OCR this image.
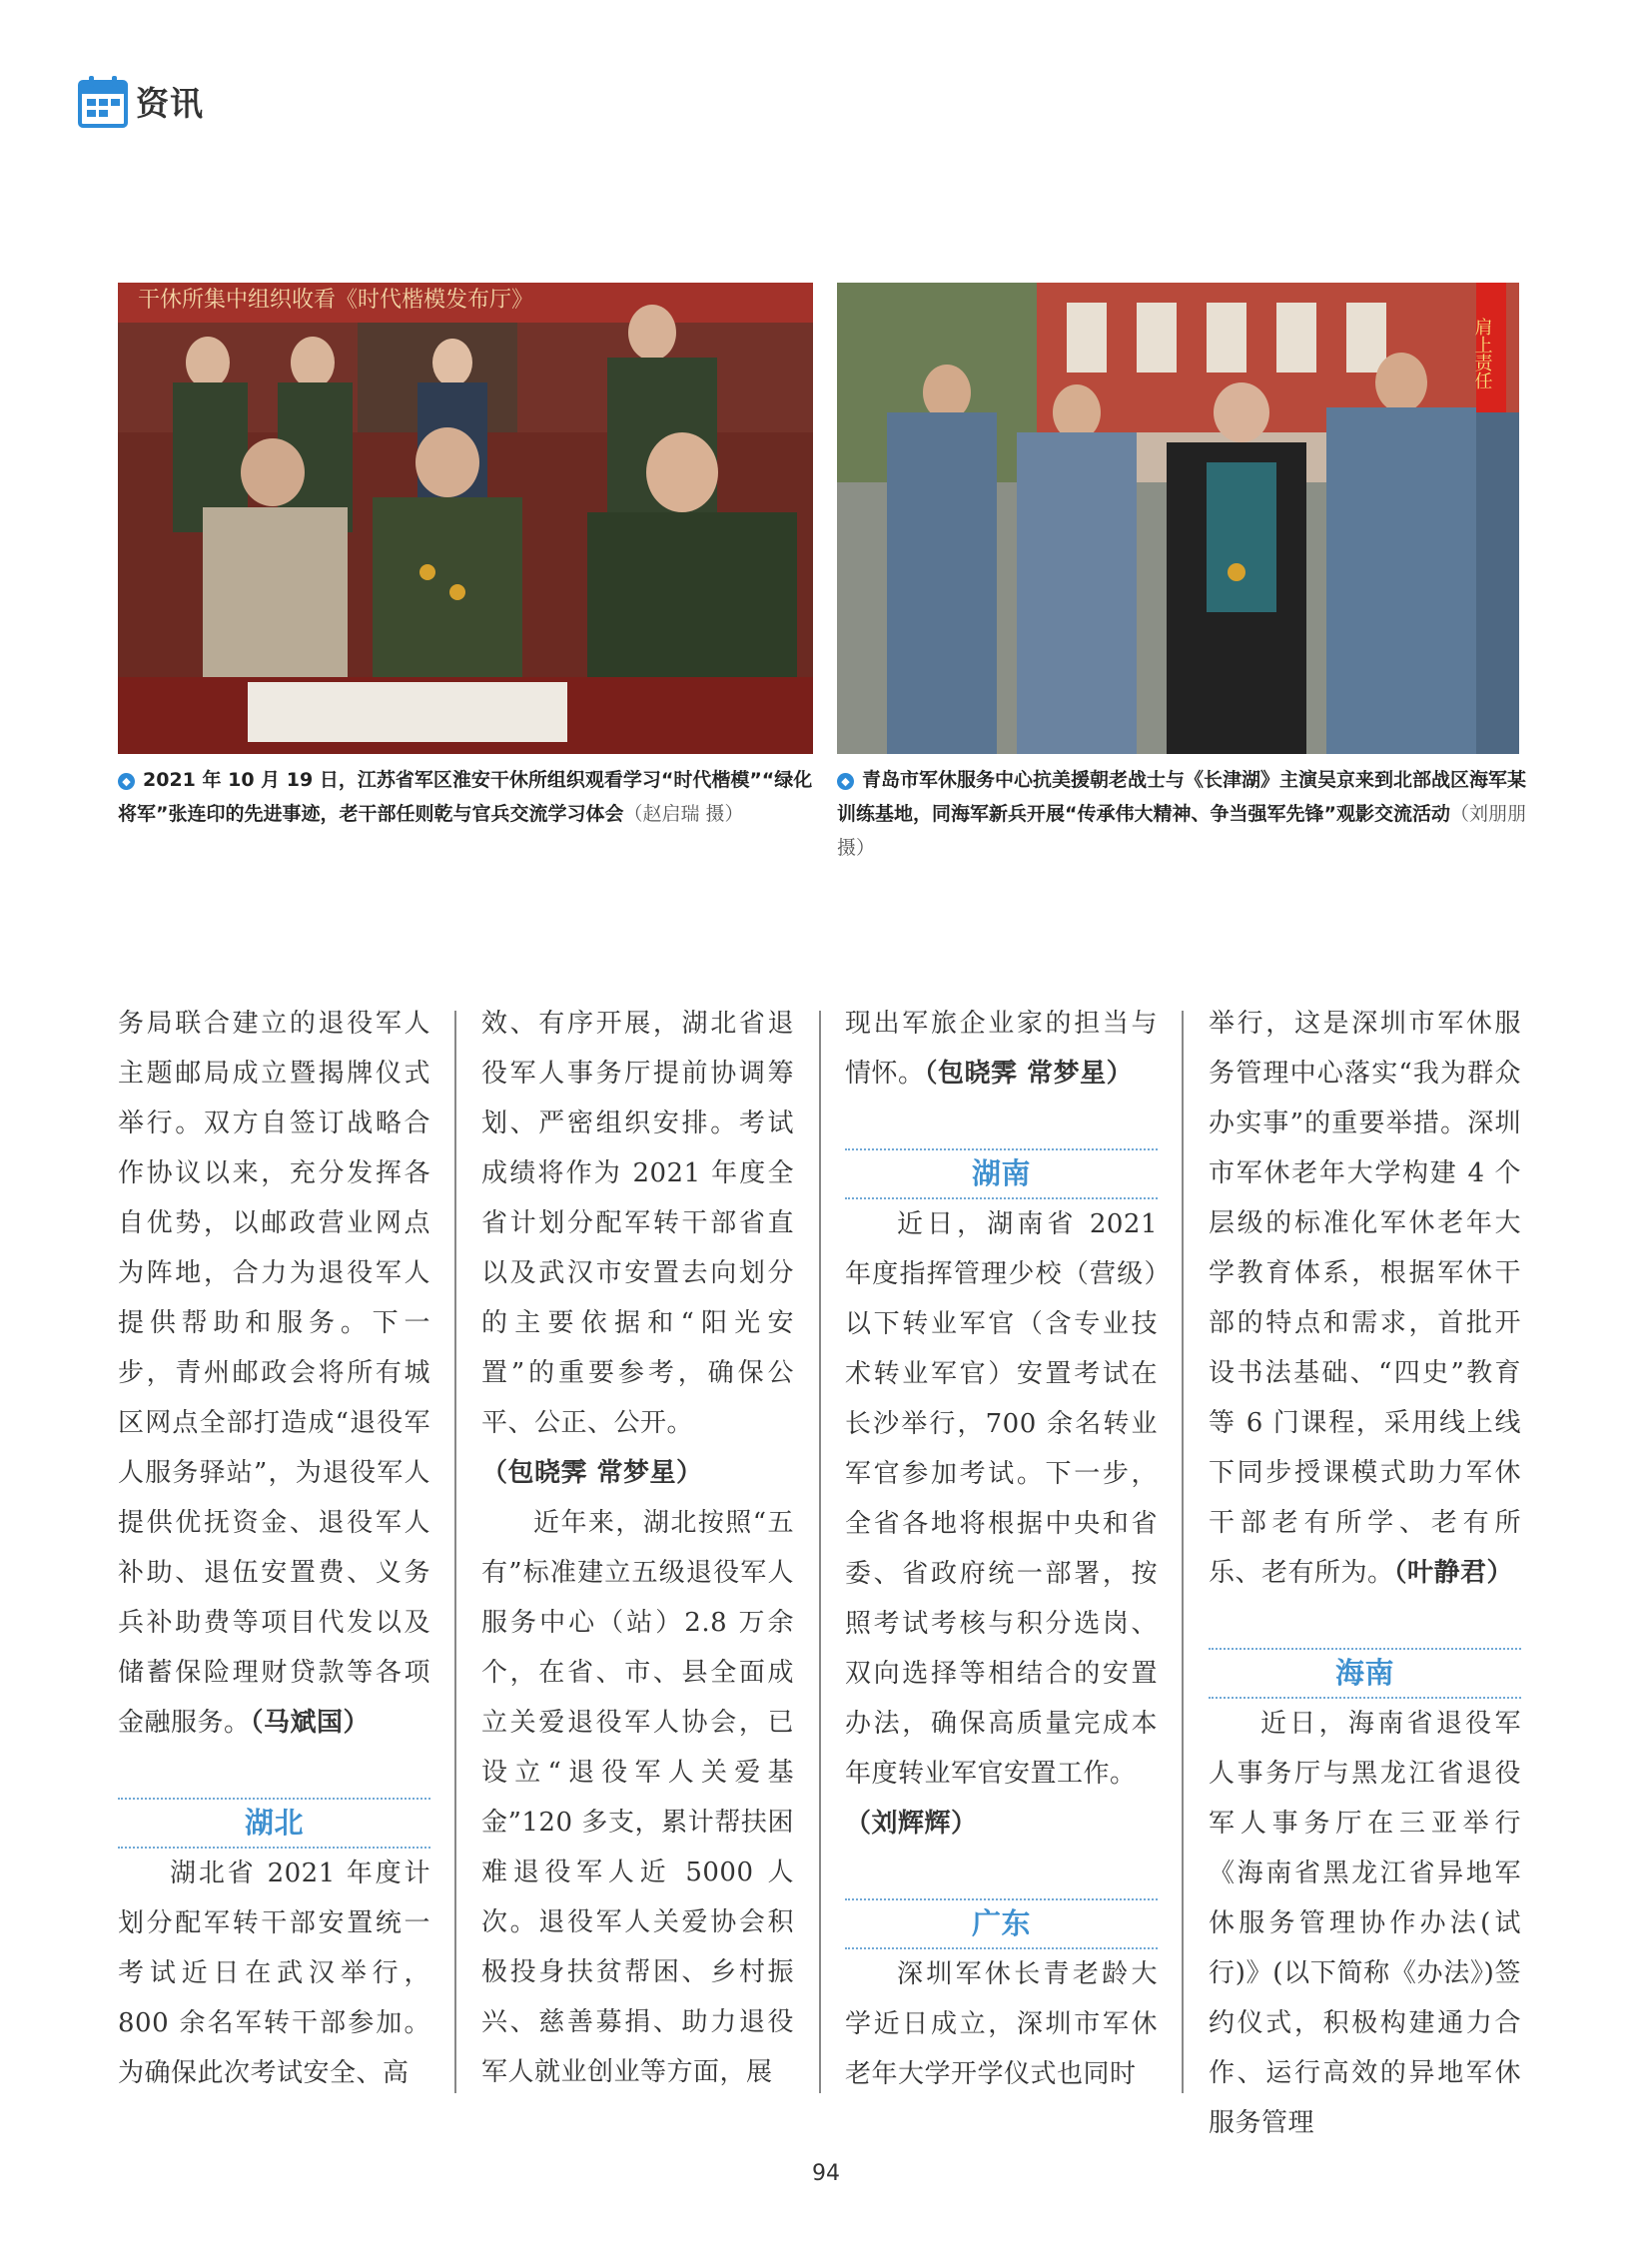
资讯
干休所集中组织收看《时代楷模发布厅》
◆ 2021 年 10 月 19 日，江苏省军区淮安干休所组织观看学习“时代楷模”“绿化将军”张连印的先进事迹，老干部任则乾与官兵交流学习体会（赵启瑞 摄）
肩上责任
◆ 青岛市军休服务中心抗美援朝老战士与《长津湖》主演吴京来到北部战区海军某训练基地，同海军新兵开展“传承伟大精神、争当强军先锋”观影交流活动（刘朋朋 摄）

务局联合建立的退役军人主题邮局成立暨揭牌仪式举行。双方自签订战略合作协议以来，充分发挥各自优势，以邮政营业网点为阵地，合力为退役军人提供帮助和服务。下一步，青州邮政会将所有城区网点全部打造成“退役军人服务驿站”，为退役军人提供优抚资金、退役军人补助、退伍安置费、义务兵补助费等项目代发以及储蓄保险理财贷款等各项金融服务。（马斌国）

湖北

湖北省 2021 年度计划分配军转干部安置统一考试近日在武汉举行，800 余名军转干部参加。为确保此次考试安全、高

效、有序开展，湖北省退役军人事务厅提前协调筹划、严密组织安排。考试成绩将作为 2021 年度全省计划分配军转干部省直以及武汉市安置去向划分的主要依据和“阳光安置”的重要参考，确保公平、公正、公开。

（包晓霁 常梦星）

近年来，湖北按照“五有”标准建立五级退役军人服务中心（站）2.8 万余个，在省、市、县全面成立关爱退役军人协会，已设立“退役军人关爱基金”120 多支，累计帮扶困难退役军人近 5000 人次。退役军人关爱协会积极投身扶贫帮困、乡村振兴、慈善募捐、助力退役军人就业创业等方面，展

现出军旅企业家的担当与情怀。（包晓霁 常梦星）

湖南

近日，湖南省 2021 年度指挥管理少校（营级）以下转业军官（含专业技术转业军官）安置考试在长沙举行，700 余名转业军官参加考试。下一步，全省各地将根据中央和省委、省政府统一部署，按照考试考核与积分选岗、双向选择等相结合的安置办法，确保高质量完成本年度转业军官安置工作。

（刘辉辉）

广东

深圳军休长青老龄大学近日成立，深圳市军休老年大学开学仪式也同时

举行，这是深圳市军休服务管理中心落实“我为群众办实事”的重要举措。深圳市军休老年大学构建 4 个层级的标准化军休老年大学教育体系，根据军休干部的特点和需求，首批开设书法基础、“四史”教育等 6 门课程，采用线上线下同步授课模式助力军休干部老有所学、老有所乐、老有所为。（叶静君）

海南

近日，海南省退役军人事务厅与黑龙江省退役军人事务厅在三亚举行《海南省黑龙江省异地军休服务管理协作办法(试行)》(以下简称《办法》)签约仪式，积极构建通力合作、运行高效的异地军休服务管理

94
